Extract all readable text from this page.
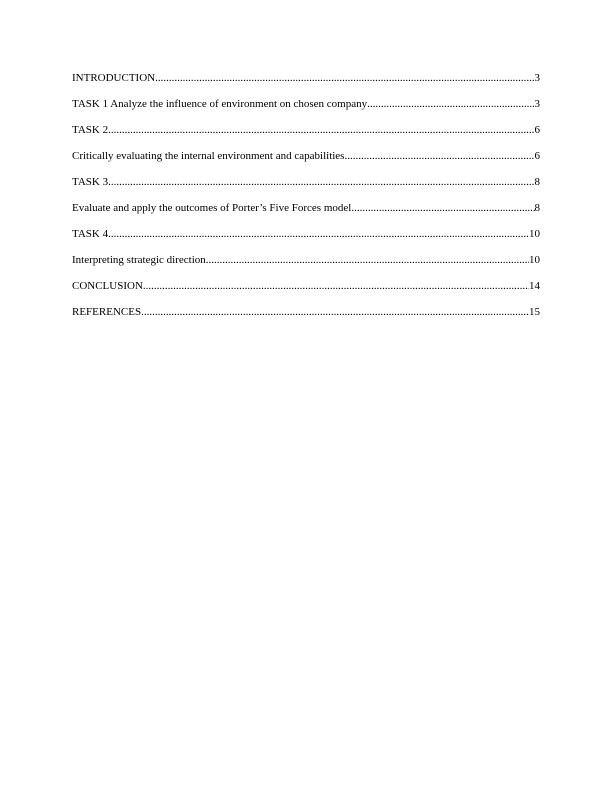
INTRODUCTION .....	3
TASK 1 Analyze the influence of environment on chosen company .....	3
TASK 2 .....	6
Critically evaluating the internal environment and capabilities .....	6
TASK 3 .....	8
Evaluate and apply the outcomes of Porter’s Five Forces model .....	8
TASK 4 .....	10
Interpreting strategic direction .....	10
CONCLUSION .....	14
REFERENCES .....	15
